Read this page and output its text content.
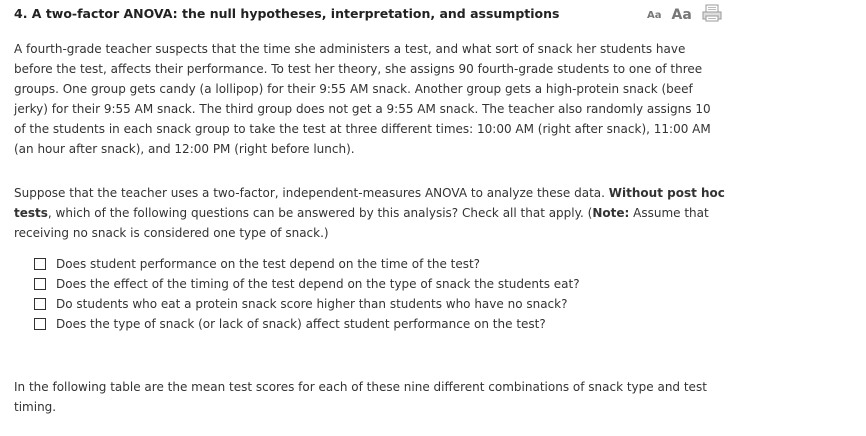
4. A two-factor ANOVA: the null hypotheses, interpretation, and assumptions	Aa Aa
A fourth-grade teacher suspects that the time she administers a test, and what sort of snack her students have
before the test, affects their performance. To test her theory, she assigns 90 fourth-grade students to one of three
groups. One group gets candy (a lollipop) for their 9:55 AM snack. Another group gets a high-protein snack (beef
jerky) for their 9:55 AM snack. The third group does not get a 9:55 AM snack. The teacher also randomly assigns 10
of the students in each snack group to take the test at three different times: 10:00 AM (right after snack), 11:00 AM
(an hour after snack), and 12:00 PM (right before lunch).
Suppose that the teacher uses a two-factor, independent-measures ANOVA to analyze these data. Without post hoc
tests, which of the following questions can be answered by this analysis? Check all that apply. (Note: Assume that
receiving no snack is considered one type of snack.)
Does student performance on the test depend on the time of the test?
Does the effect of the timing of the test depend on the type of snack the students eat?
Do students who eat a protein snack score higher than students who have no snack?
Does the type of snack (or lack of snack) affect student performance on the test?
In the following table are the mean test scores for each of these nine different combinations of snack type and test
timing.
